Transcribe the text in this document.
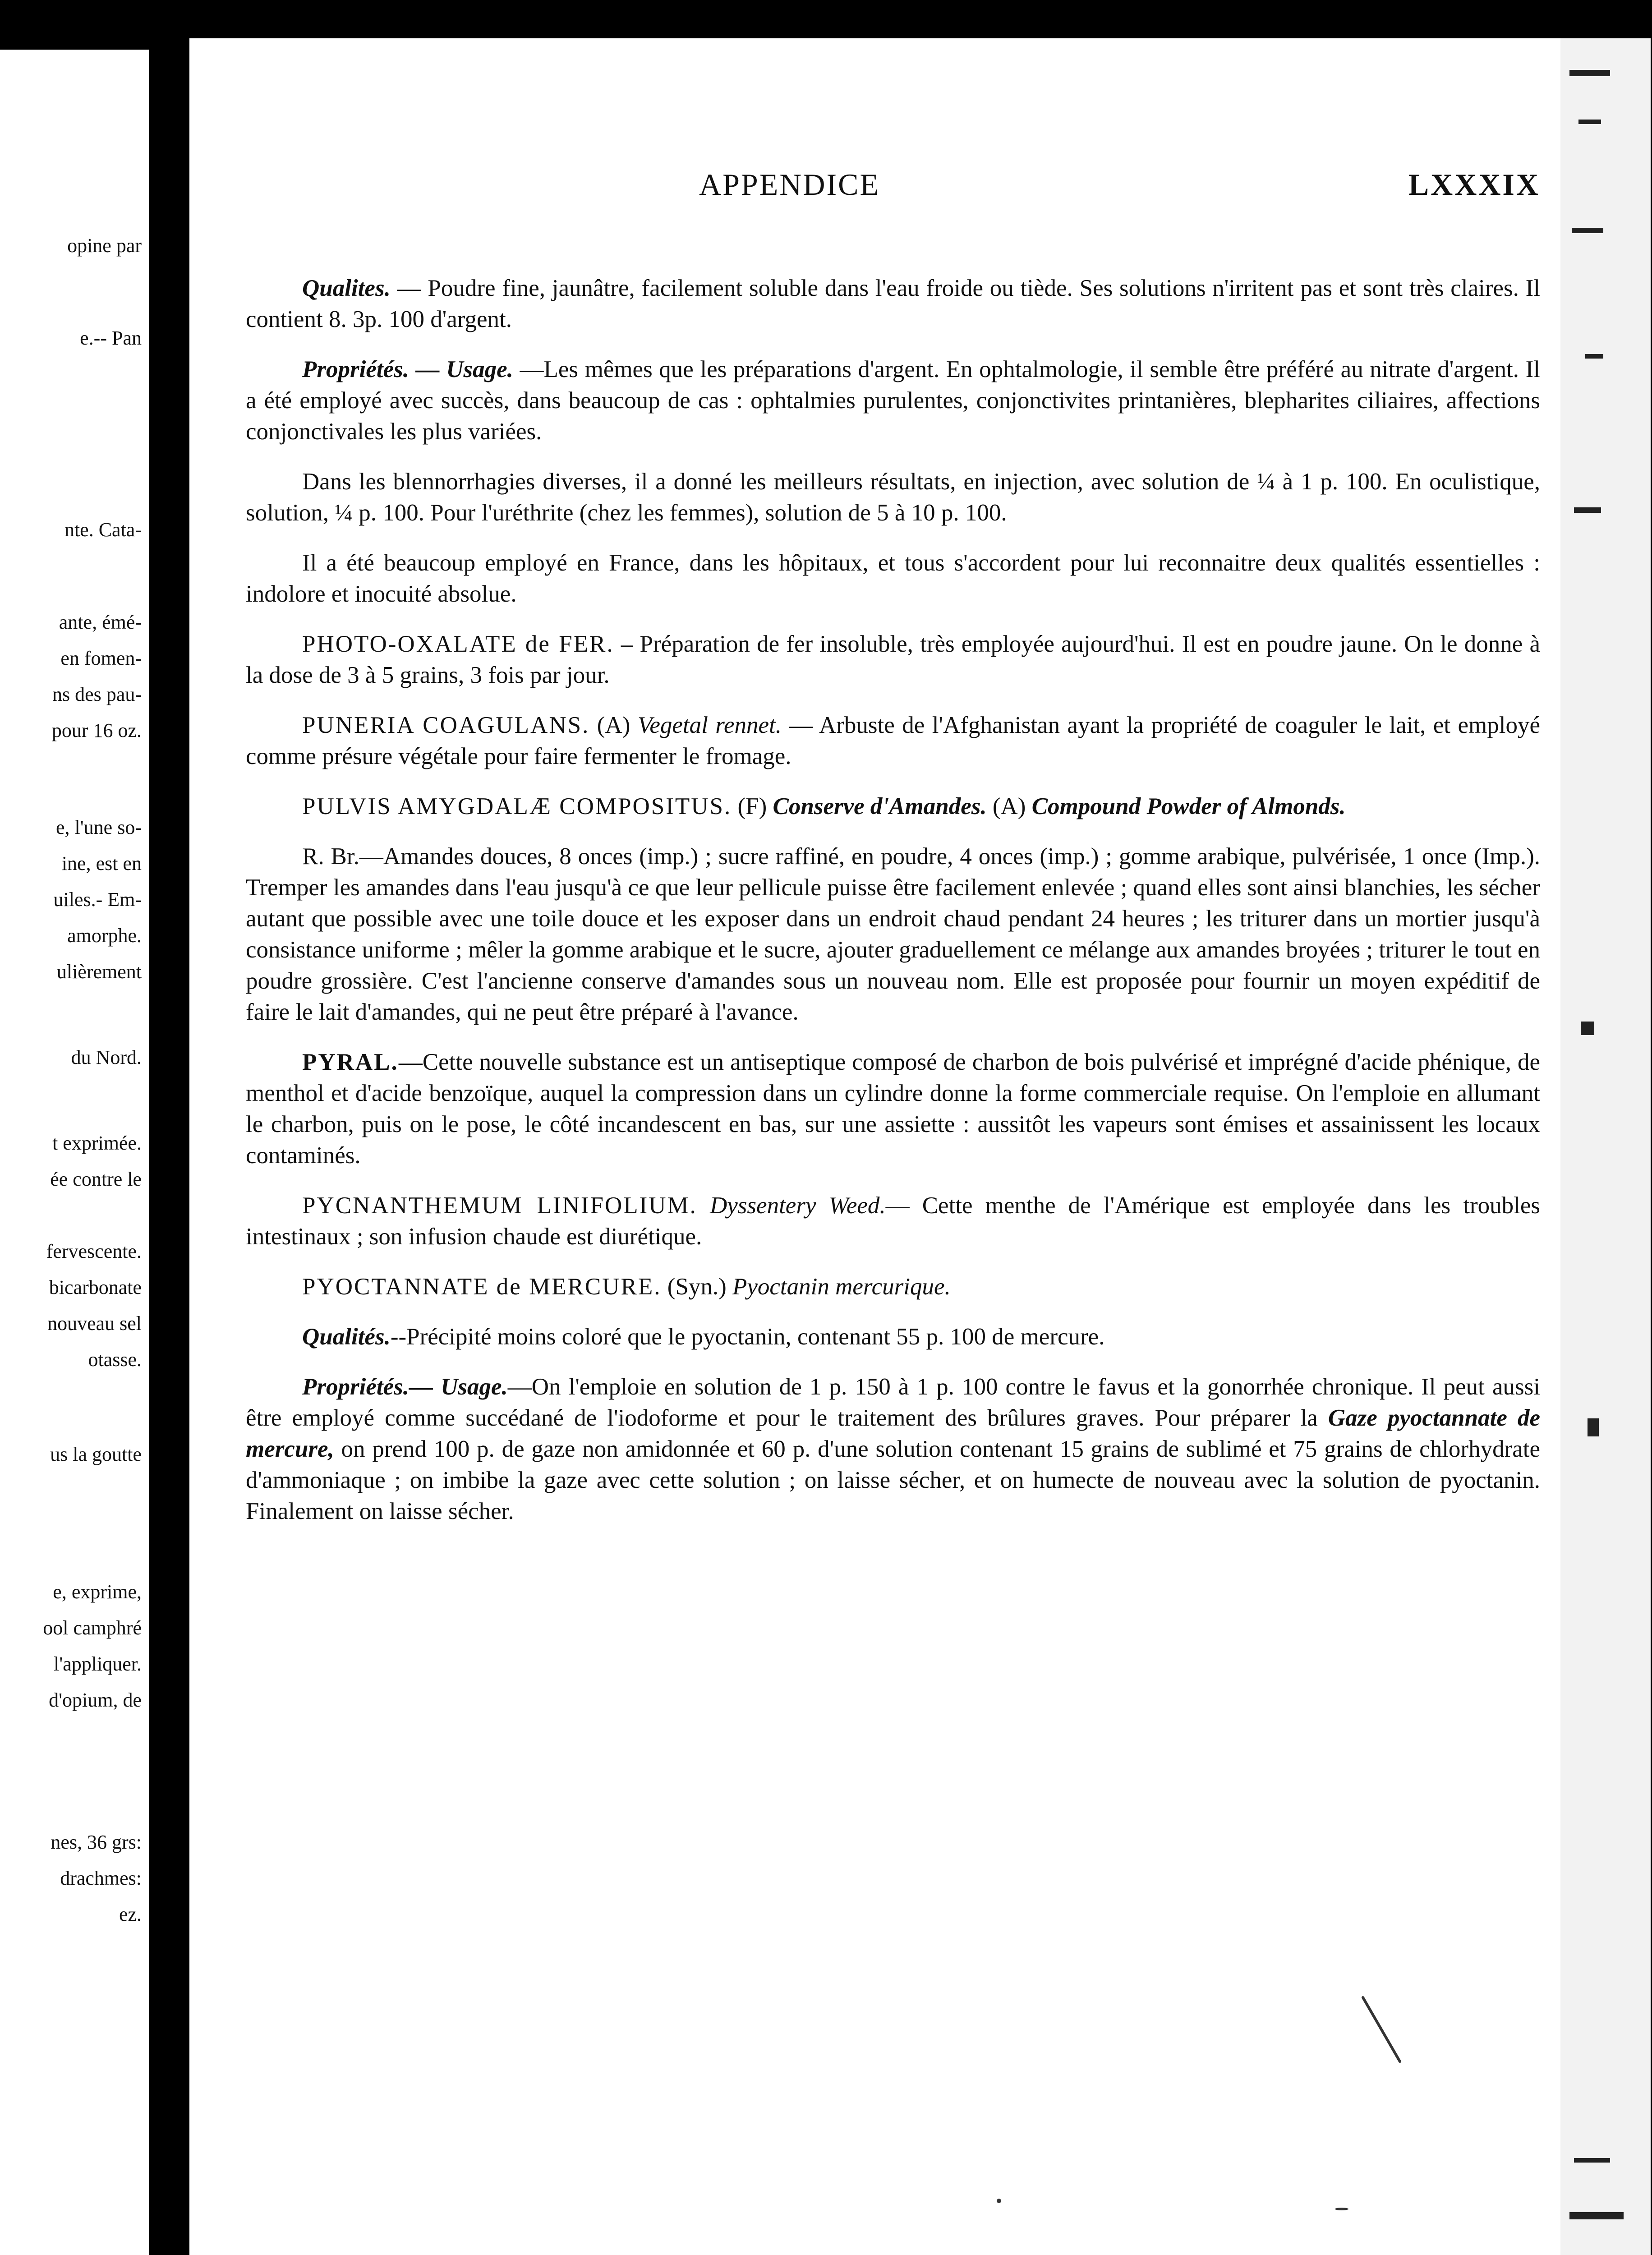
opine par
e.-- Pan
nte. Cata-
ante, émé-
en fomen-
ns des pau-
pour 16 oz.
e, l'une so-
ine, est en
uiles.- Em-
amorphe.
ulièrement
du Nord.
t exprimée.
ée contre le
fervescente.
bicarbonate
nouveau sel
otasse.
us la goutte
e, exprime,
ool camphré
l'appliquer.
d'opium, de
nes, 36 grs:
drachmes:
ez.
APPENDICE	LXXXIX

Qualites. — Poudre fine, jaunâtre, facilement soluble dans l'eau froide ou tiède. Ses solutions n'irritent pas et sont très claires. Il contient 8. 3p. 100 d'argent.

Propriétés. — Usage. —Les mêmes que les préparations d'argent. En ophtalmologie, il semble être préféré au nitrate d'argent. Il a été employé avec succès, dans beaucoup de cas : ophtalmies purulentes, conjonctivites printanières, blepharites ciliaires, affections conjonctivales les plus variées.

Dans les blennorrhagies diverses, il a donné les meilleurs résultats, en injection, avec solution de ¼ à 1 p. 100. En oculistique, solution, ¼ p. 100. Pour l'uréthrite (chez les femmes), solution de 5 à 10 p. 100.

Il a été beaucoup employé en France, dans les hôpitaux, et tous s'accordent pour lui reconnaitre deux qualités essentielles : indolore et inocuité absolue.

PHOTO-OXALATE de FER. – Préparation de fer insoluble, très employée aujourd'hui. Il est en poudre jaune. On le donne à la dose de 3 à 5 grains, 3 fois par jour.

PUNERIA COAGULANS. (A) Vegetal rennet. — Arbuste de l'Afghanistan ayant la propriété de coaguler le lait, et employé comme présure végétale pour faire fermenter le fromage.

PULVIS AMYGDALÆ COMPOSITUS. (F) Conserve d'Amandes. (A) Compound Powder of Almonds.

R. Br.—Amandes douces, 8 onces (imp.) ; sucre raffiné, en poudre, 4 onces (imp.) ; gomme arabique, pulvérisée, 1 once (Imp.). Tremper les amandes dans l'eau jusqu'à ce que leur pellicule puisse être facilement enlevée ; quand elles sont ainsi blanchies, les sécher autant que possible avec une toile douce et les exposer dans un endroit chaud pendant 24 heures ; les triturer dans un mortier jusqu'à consistance uniforme ; mêler la gomme arabique et le sucre, ajouter graduellement ce mélange aux amandes broyées ; triturer le tout en poudre grossière. C'est l'ancienne conserve d'amandes sous un nouveau nom. Elle est proposée pour fournir un moyen expéditif de faire le lait d'amandes, qui ne peut être préparé à l'avance.

PYRAL.—Cette nouvelle substance est un antiseptique composé de charbon de bois pulvérisé et imprégné d'acide phénique, de menthol et d'acide benzoïque, auquel la compression dans un cylindre donne la forme commerciale requise. On l'emploie en allumant le charbon, puis on le pose, le côté incandescent en bas, sur une assiette : aussitôt les vapeurs sont émises et assainissent les locaux contaminés.

PYCNANTHEMUM LINIFOLIUM. Dyssentery Weed.— Cette menthe de l'Amérique est employée dans les troubles intestinaux ; son infusion chaude est diurétique.

PYOCTANNATE de MERCURE. (Syn.) Pyoctanin mercurique.

Qualités.--Précipité moins coloré que le pyoctanin, contenant 55 p. 100 de mercure.

Propriétés.— Usage.—On l'emploie en solution de 1 p. 150 à 1 p. 100 contre le favus et la gonorrhée chronique. Il peut aussi être employé comme succédané de l'iodoforme et pour le traitement des brûlures graves. Pour préparer la Gaze pyoctannate de mercure, on prend 100 p. de gaze non amidonnée et 60 p. d'une solution contenant 15 grains de sublimé et 75 grains de chlorhydrate d'ammoniaque ; on imbibe la gaze avec cette solution ; on laisse sécher, et on humecte de nouveau avec la solution de pyoctanin. Finalement on laisse sécher.
